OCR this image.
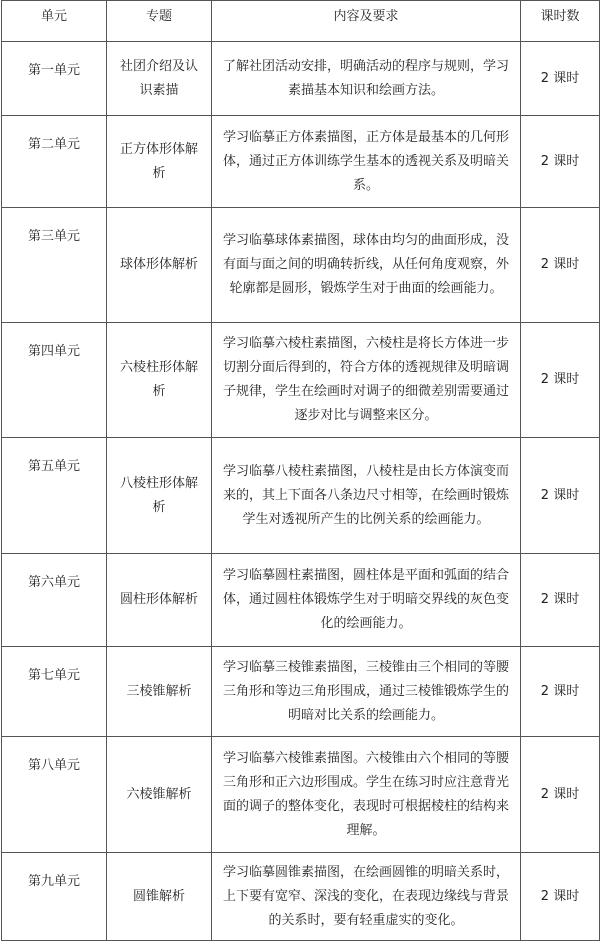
单元	专题	内容及要求	课时数
第一单元	社团介绍及认识素描	了解社团活动安排，明确活动的程序与规则，学习素描基本知识和绘画方法。	2 课时
第二单元	正方体形体解析	学习临摹正方体素描图，正方体是最基本的几何形体，通过正方体训练学生基本的透视关系及明暗关系。	2 课时
第三单元	球体形体解析	学习临摹球体素描图，球体由均匀的曲面形成，没有面与面之间的明确转折线，从任何角度观察，外轮廓都是圆形，锻炼学生对于曲面的绘画能力。	2 课时
第四单元	六棱柱形体解析	学习临摹六棱柱素描图，六棱柱是将长方体进一步切割分面后得到的，符合方体的透视规律及明暗调子规律，学生在绘画时对调子的细微差别需要通过逐步对比与调整来区分。	2 课时
第五单元	八棱柱形体解析	学习临摹八棱柱素描图，八棱柱是由长方体演变而来的，其上下面各八条边尺寸相等，在绘画时锻炼学生对透视所产生的比例关系的绘画能力。	2 课时
第六单元	圆柱形体解析	学习临摹圆柱素描图，圆柱体是平面和弧面的结合体，通过圆柱体锻炼学生对于明暗交界线的灰色变化的绘画能力。	2 课时
第七单元	三棱锥解析	学习临摹三棱锥素描图，三棱锥由三个相同的等腰三角形和等边三角形围成，通过三棱锥锻炼学生的明暗对比关系的绘画能力。	2 课时
第八单元	六棱锥解析	学习临摹六棱锥素描图。六棱锥由六个相同的等腰三角形和正六边形围成。学生在练习时应注意背光面的调子的整体变化，表现时可根据棱柱的结构来理解。	2 课时
第九单元	圆锥解析	学习临摹圆锥素描图，在绘画圆锥的明暗关系时，上下要有宽窄、深浅的变化，在表现边缘线与背景的关系时，要有轻重虚实的变化。	2 课时
